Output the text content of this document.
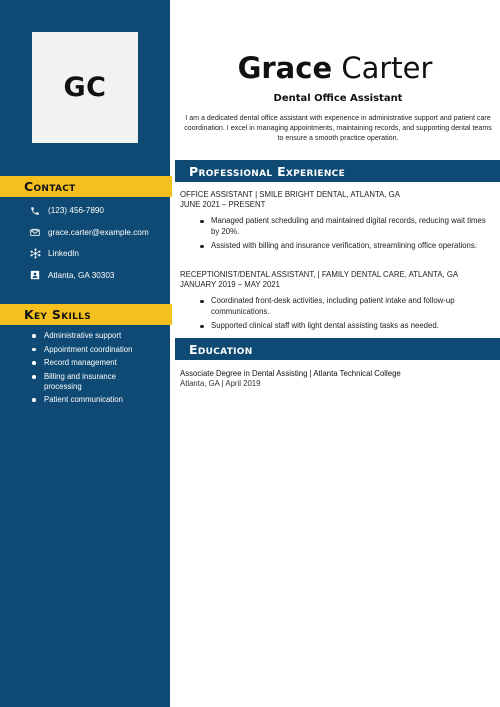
GC
Contact
(123) 456-7890
grace.carter@example.com
LinkedIn
Atlanta, GA 30303
Key Skills
Administrative support
Appointment coordination
Record management
Billing and insurance processing
Patient communication
Grace Carter
Dental Office Assistant

I am a dedicated dental office assistant with experience in administrative support and patient care coordination. I excel in managing appointments, maintaining records, and supporting dental teams to ensure a smooth practice operation.

Professional Experience
OFFICE ASSISTANT | SMILE BRIGHT DENTAL, ATLANTA, GA
JUNE 2021 – PRESENT
Managed patient scheduling and maintained digital records, reducing wait times by 20%.
Assisted with billing and insurance verification, streamlining office operations.
RECEPTIONIST/DENTAL ASSISTANT, | FAMILY DENTAL CARE, ATLANTA, GA
JANUARY 2019 – MAY 2021
Coordinated front-desk activities, including patient intake and follow-up communications.
Supported clinical staff with light dental assisting tasks as needed.
Education
Associate Degree in Dental Assisting | Atlanta Technical College
Atlanta, GA | April 2019
